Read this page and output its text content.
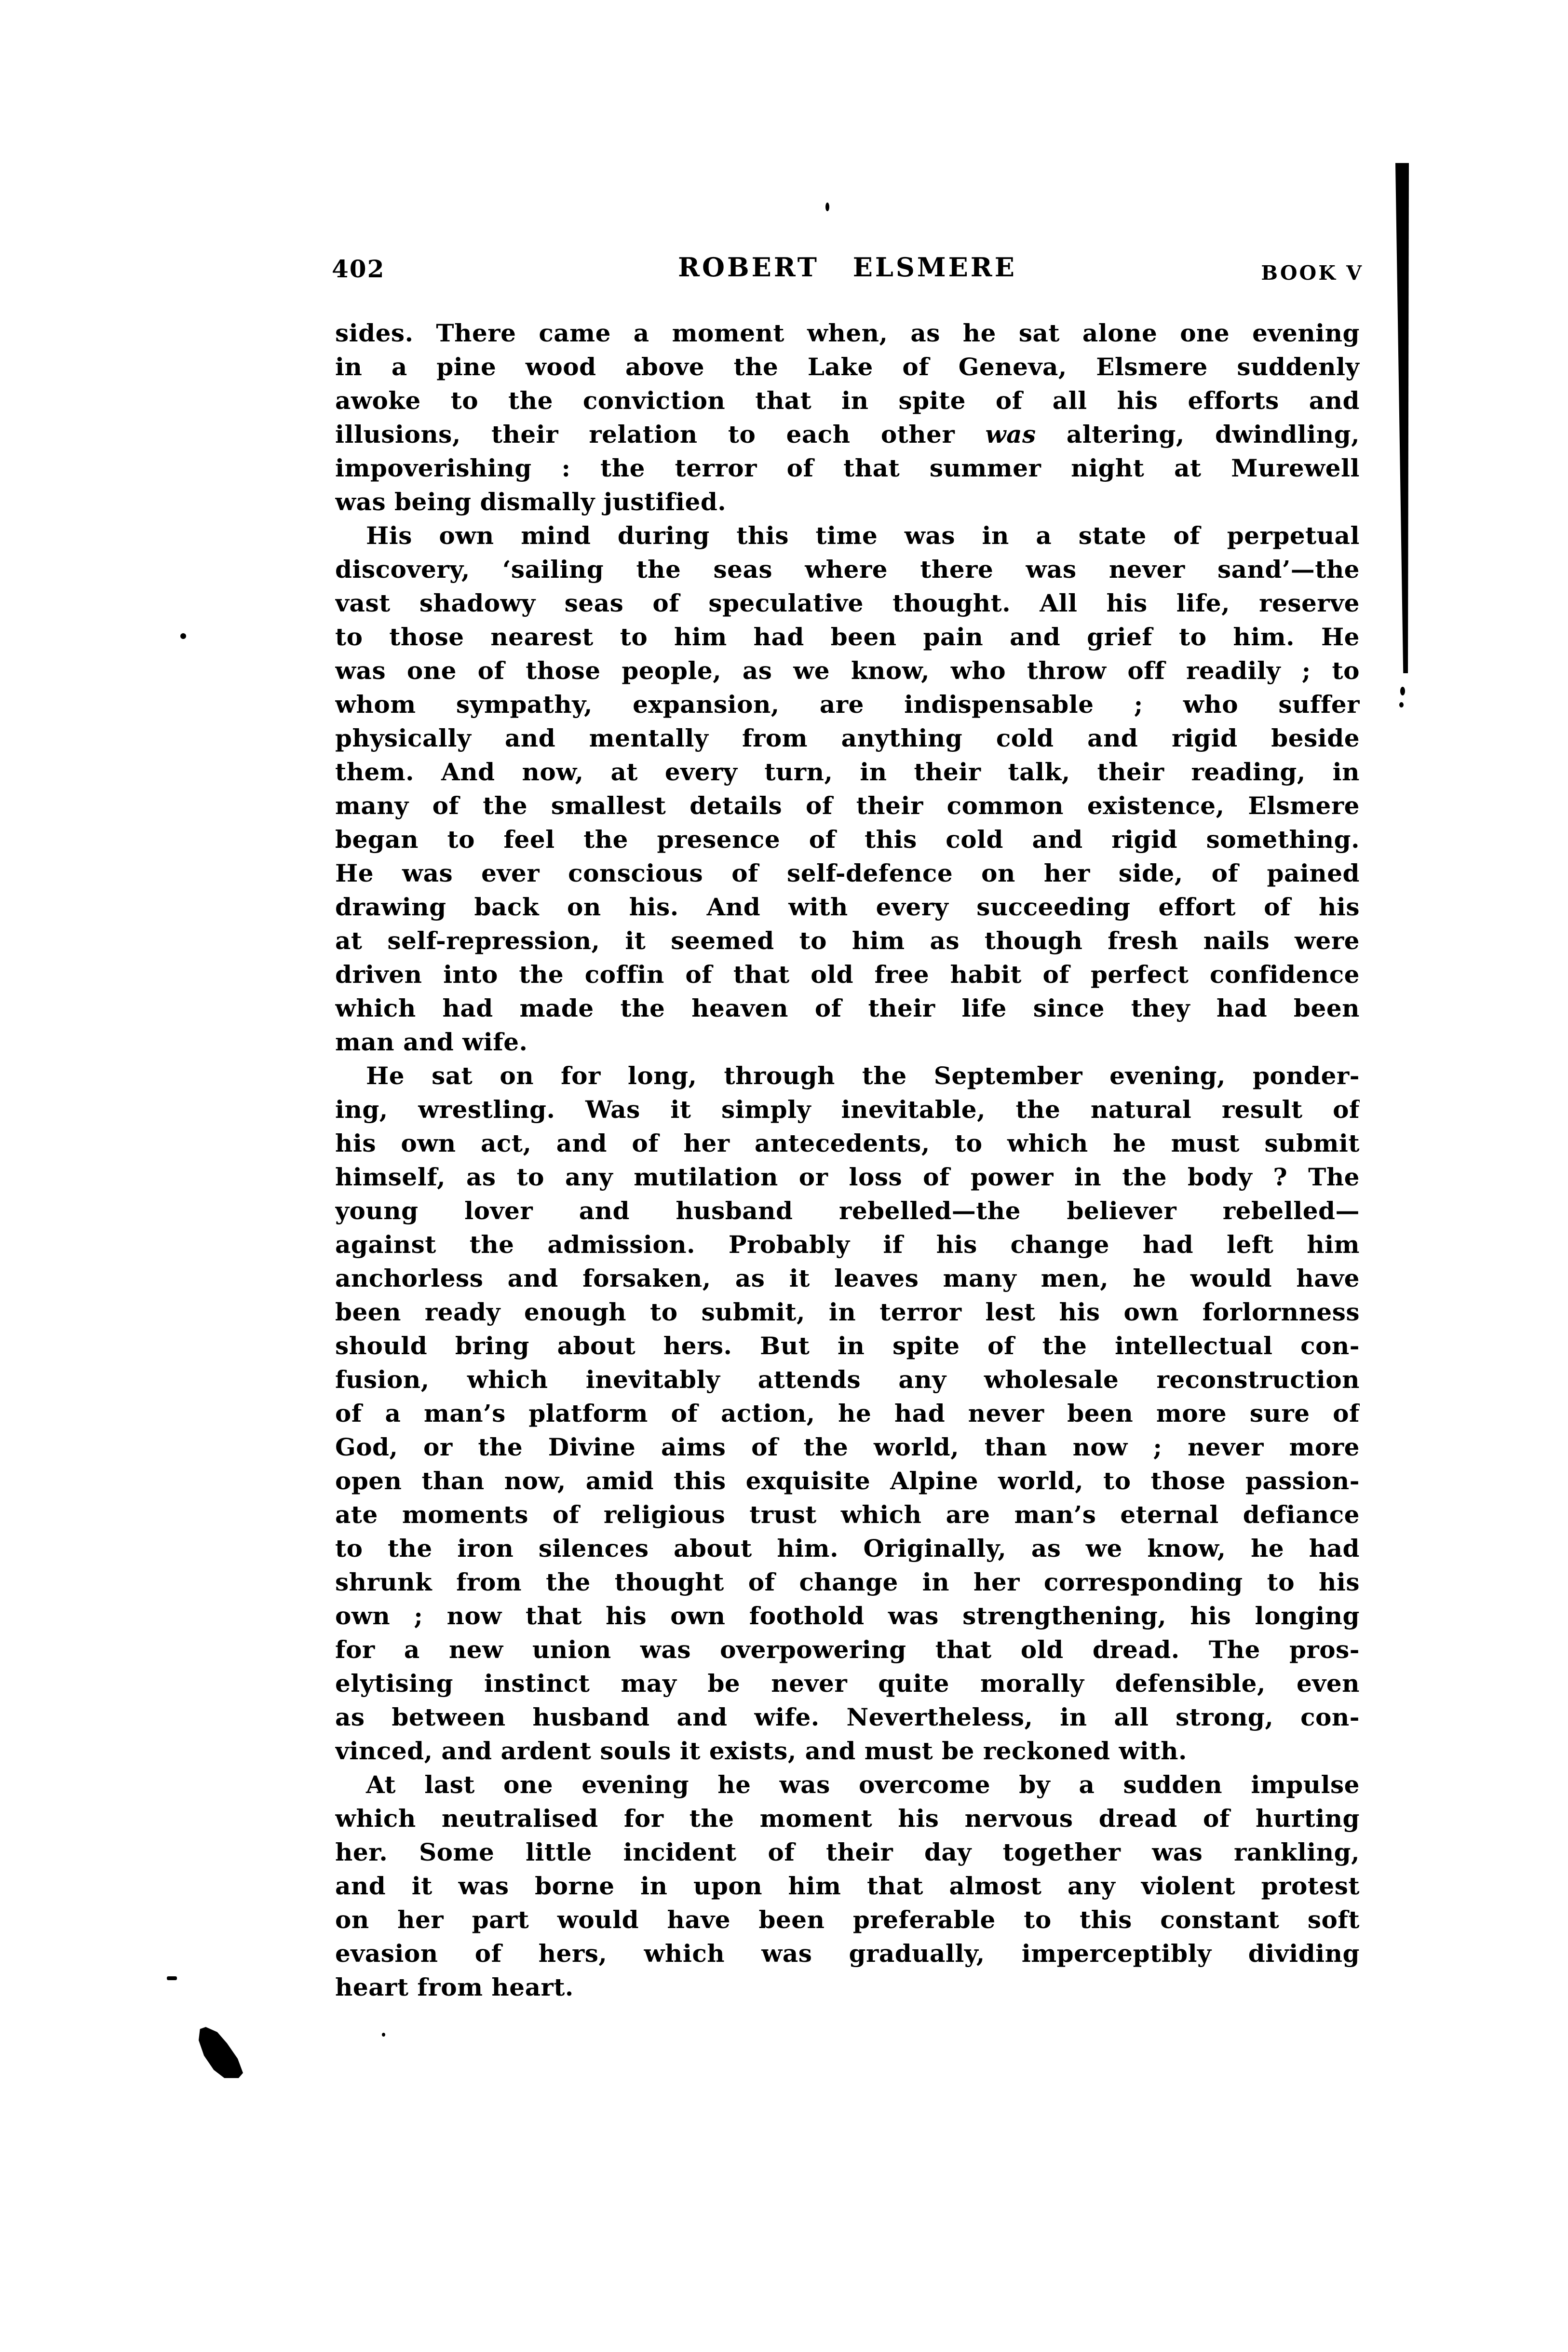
402	ROBERT ELSMERE	BOOK V
sides. There came a moment when, as he sat alone one evening
in a pine wood above the Lake of Geneva, Elsmere suddenly
awoke to the conviction that in spite of all his efforts and
illusions, their relation to each other was altering, dwindling,
impoverishing : the terror of that summer night at Murewell
was being dismally justified.
His own mind during this time was in a state of perpetual
discovery, ‘sailing the seas where there was never sand’—the
vast shadowy seas of speculative thought. All his life, reserve
to those nearest to him had been pain and grief to him. He
was one of those people, as we know, who throw off readily ; to
whom sympathy, expansion, are indispensable ; who suffer
physically and mentally from anything cold and rigid beside
them. And now, at every turn, in their talk, their reading, in
many of the smallest details of their common existence, Elsmere
began to feel the presence of this cold and rigid something.
He was ever conscious of self-defence on her side, of pained
drawing back on his. And with every succeeding effort of his
at self-repression, it seemed to him as though fresh nails were
driven into the coffin of that old free habit of perfect confidence
which had made the heaven of their life since they had been
man and wife.
He sat on for long, through the September evening, ponder-
ing, wrestling. Was it simply inevitable, the natural result of
his own act, and of her antecedents, to which he must submit
himself, as to any mutilation or loss of power in the body ? The
young lover and husband rebelled—the believer rebelled—
against the admission. Probably if his change had left him
anchorless and forsaken, as it leaves many men, he would have
been ready enough to submit, in terror lest his own forlornness
should bring about hers. But in spite of the intellectual con-
fusion, which inevitably attends any wholesale reconstruction
of a man’s platform of action, he had never been more sure of
God, or the Divine aims of the world, than now ; never more
open than now, amid this exquisite Alpine world, to those passion-
ate moments of religious trust which are man’s eternal defiance
to the iron silences about him. Originally, as we know, he had
shrunk from the thought of change in her corresponding to his
own ; now that his own foothold was strengthening, his longing
for a new union was overpowering that old dread. The pros-
elytising instinct may be never quite morally defensible, even
as between husband and wife. Nevertheless, in all strong, con-
vinced, and ardent souls it exists, and must be reckoned with.
At last one evening he was overcome by a sudden impulse
which neutralised for the moment his nervous dread of hurting
her. Some little incident of their day together was rankling,
and it was borne in upon him that almost any violent protest
on her part would have been preferable to this constant soft
evasion of hers, which was gradually, imperceptibly dividing
heart from heart.
